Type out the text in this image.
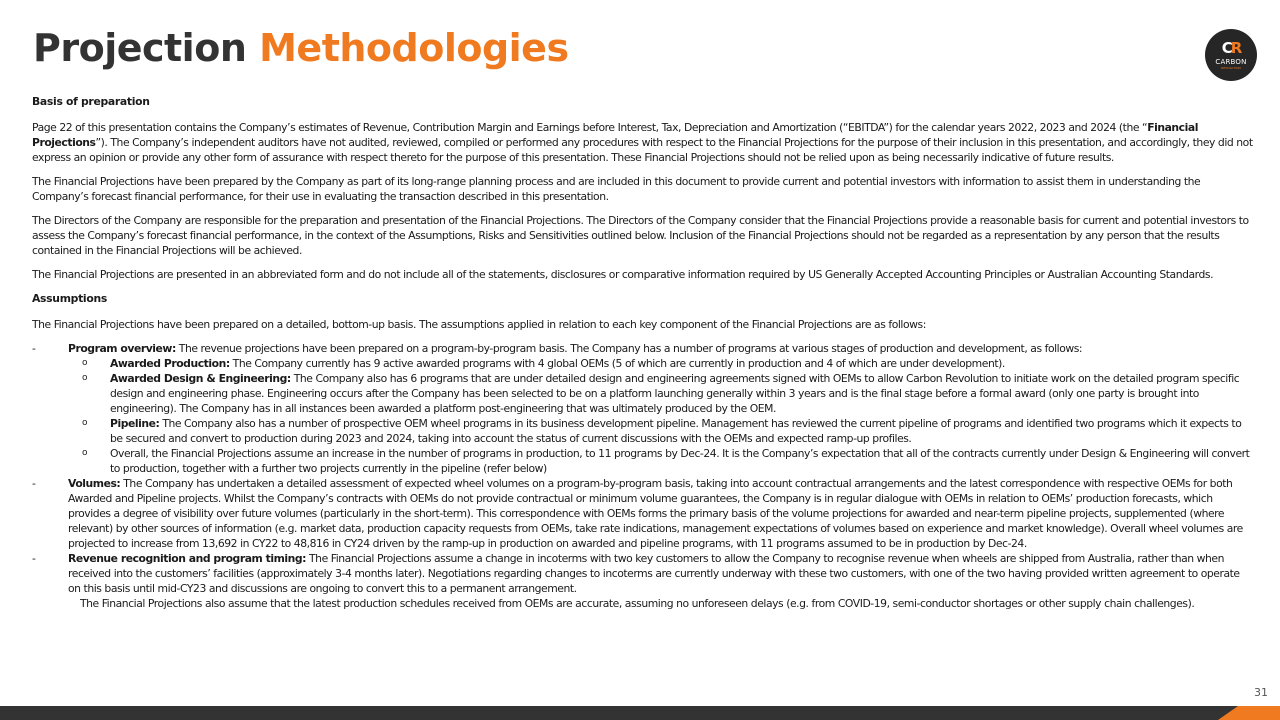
Projection Methodologies	CR
CARBON
REVOLUTION
Basis of preparation

Page 22 of this presentation contains the Company’s estimates of Revenue, Contribution Margin and Earnings before Interest, Tax, Depreciation and Amortization (“EBITDA”) for the calendar years 2022, 2023 and 2024 (the “Financial Projections”). The Company’s independent auditors have not audited, reviewed, compiled or performed any procedures with respect to the Financial Projections for the purpose of their inclusion in this presentation, and accordingly, they did not express an opinion or provide any other form of assurance with respect thereto for the purpose of this presentation. These Financial Projections should not be relied upon as being necessarily indicative of future results.

The Financial Projections have been prepared by the Company as part of its long-range planning process and are included in this document to provide current and potential investors with information to assist them in understanding the Company’s forecast financial performance, for their use in evaluating the transaction described in this presentation.

The Directors of the Company are responsible for the preparation and presentation of the Financial Projections. The Directors of the Company consider that the Financial Projections provide a reasonable basis for current and potential investors to assess the Company’s forecast financial performance, in the context of the Assumptions, Risks and Sensitivities outlined below. Inclusion of the Financial Projections should not be regarded as a representation by any person that the results contained in the Financial Projections will be achieved.

The Financial Projections are presented in an abbreviated form and do not include all of the statements, disclosures or comparative information required by US Generally Accepted Accounting Principles or Australian Accounting Standards.

Assumptions

The Financial Projections have been prepared on a detailed, bottom-up basis. The assumptions applied in relation to each key component of the Financial Projections are as follows:

-	Program overview: The revenue projections have been prepared on a program-by-program basis. The Company has a number of programs at various stages of production and development, as follows:
o Awarded Production: The Company currently has 9 active awarded programs with 4 global OEMs (5 of which are currently in production and 4 of which are under development).
o Awarded Design & Engineering: The Company also has 6 programs that are under detailed design and engineering agreements signed with OEMs to allow Carbon Revolution to initiate work on the detailed program specific design and engineering phase. Engineering occurs after the Company has been selected to be on a platform launching generally within 3 years and is the final stage before a formal award (only one party is brought into engineering). The Company has in all instances been awarded a platform post-engineering that was ultimately produced by the OEM.
o Pipeline: The Company also has a number of prospective OEM wheel programs in its business development pipeline. Management has reviewed the current pipeline of programs and identified two programs which it expects to be secured and convert to production during 2023 and 2024, taking into account the status of current discussions with the OEMs and expected ramp-up profiles.
o Overall, the Financial Projections assume an increase in the number of programs in production, to 11 programs by Dec-24. It is the Company’s expectation that all of the contracts currently under Design & Engineering will convert to production, together with a further two projects currently in the pipeline (refer below)
-	Volumes: The Company has undertaken a detailed assessment of expected wheel volumes on a program-by-program basis, taking into account contractual arrangements and the latest correspondence with respective OEMs for both Awarded and Pipeline projects. Whilst the Company’s contracts with OEMs do not provide contractual or minimum volume guarantees, the Company is in regular dialogue with OEMs in relation to OEMs’ production forecasts, which provides a degree of visibility over future volumes (particularly in the short-term). This correspondence with OEMs forms the primary basis of the volume projections for awarded and near-term pipeline projects, supplemented (where relevant) by other sources of information (e.g. market data, production capacity requests from OEMs, take rate indications, management expectations of volumes based on experience and market knowledge). Overall wheel volumes are projected to increase from 13,692 in CY22 to 48,816 in CY24 driven by the ramp-up in production on awarded and pipeline programs, with 11 programs assumed to be in production by Dec-24.
-	Revenue recognition and program timing: The Financial Projections assume a change in incoterms with two key customers to allow the Company to recognise revenue when wheels are shipped from Australia, rather than when received into the customers’ facilities (approximately 3-4 months later). Negotiations regarding changes to incoterms are currently underway with these two customers, with one of the two having provided written agreement to operate on this basis until mid-CY23 and discussions are ongoing to convert this to a permanent arrangement.
The Financial Projections also assume that the latest production schedules received from OEMs are accurate, assuming no unforeseen delays (e.g. from COVID-19, semi-conductor shortages or other supply chain challenges).
31
